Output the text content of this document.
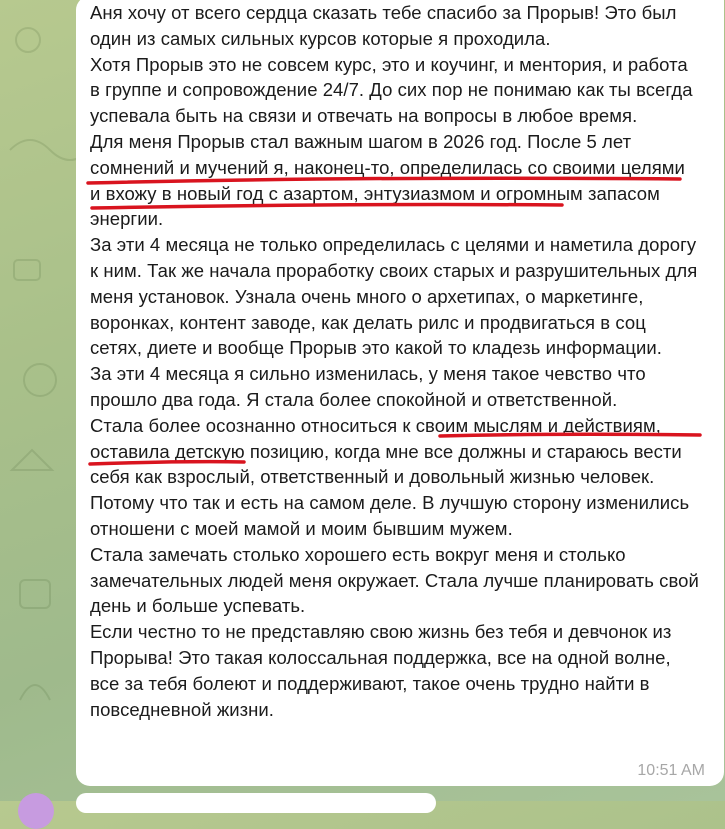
Аня хочу от всего сердца сказать тебе спасибо за Прорыв! Это был один из самых сильных курсов которые я проходила.

Хотя Прорыв это не совсем курс, это и коучинг, и ментория, и работа в группе и сопровождение 24/7. До сих пор не понимаю как ты всегда успевала быть на связи и отвечать на вопросы в любое время.

Для меня Прорыв стал важным шагом в 2026 год. После 5 лет сомнений и мучений я, наконец-то, определилась со своими целями и вхожу в новый год с азартом, энтузиазмом и огромным запасом энергии.

За эти 4 месяца не только определилась с целями и наметила дорогу к ним. Так же начала проработку своих старых и разрушительных для меня установок. Узнала очень много о архетипах, о маркетинге, воронках, контент заводе, как делать рилс и продвигаться в соц сетях, диете и вообще Прорыв это какой то кладезь информации.

За эти 4 месяца я сильно изменилась, у меня такое чевство что прошло два года. Я стала более спокойной и ответственной.

Стала более осознанно относиться к своим мыслям и действиям, оставила детскую позицию, когда мне все должны и стараюсь вести себя как взрослый, ответственный и довольный жизнью человек. Потому что так и есть на самом деле. В лучшую сторону изменились отношени с моей мамой и моим бывшим мужем.

Стала замечать столько хорошего есть вокруг меня и столько замечательных людей меня окружает. Стала лучше планировать свой день и больше успевать.

Если честно то не представляю свою жизнь без тебя и девчонок из Прорыва! Это такая колоссальная поддержка, все на одной волне, все за тебя болеют и поддерживают, такое очень трудно найти в повседневной жизни.

10:51 AM
